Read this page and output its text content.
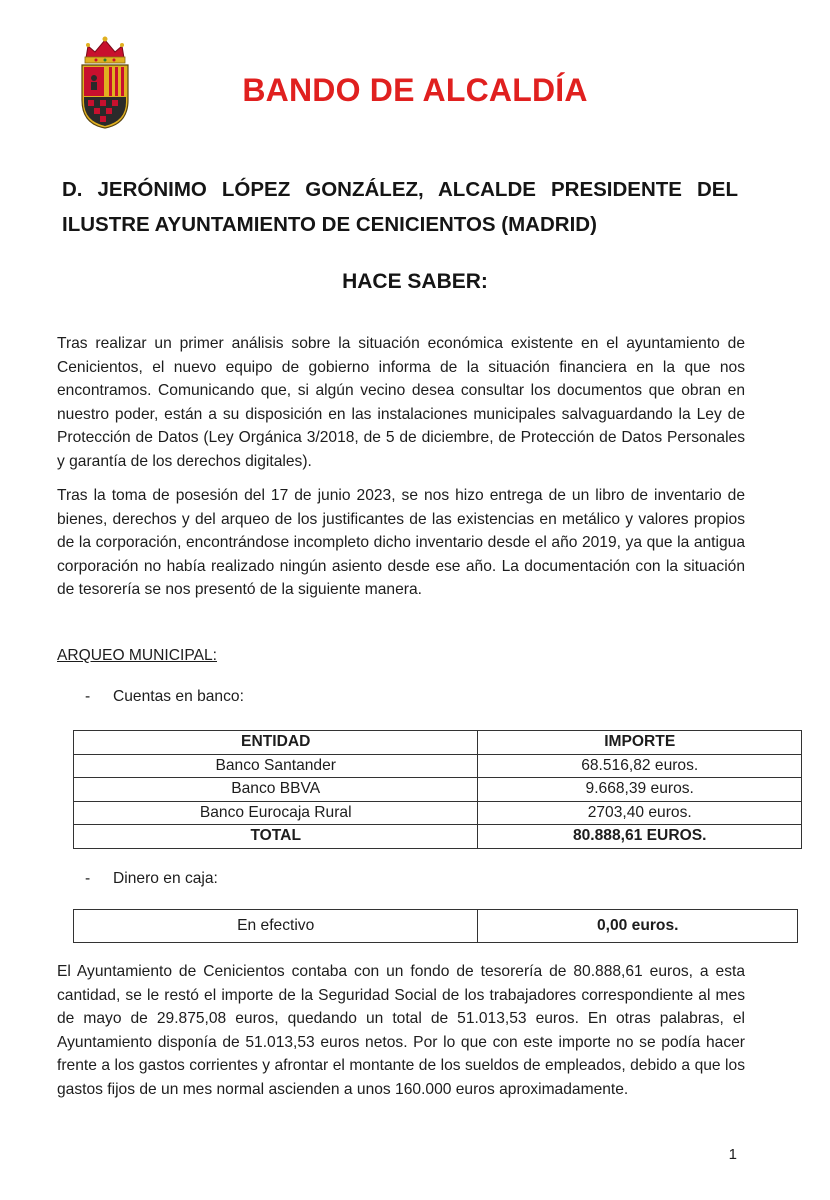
BANDO DE ALCALDÍA
D. JERÓNIMO LÓPEZ GONZÁLEZ, ALCALDE PRESIDENTE DEL
ILUSTRE AYUNTAMIENTO DE CENICIENTOS (MADRID)
HACE SABER:
Tras realizar un primer análisis sobre la situación económica existente en el ayuntamiento de Cenicientos, el nuevo equipo de gobierno informa de la situación financiera en la que nos encontramos. Comunicando que, si algún vecino desea consultar los documentos que obran en nuestro poder, están a su disposición en las instalaciones municipales salvaguardando la Ley de Protección de Datos (Ley Orgánica 3/2018, de 5 de diciembre, de Protección de Datos Personales y garantía de los derechos digitales).
Tras la toma de posesión del 17 de junio 2023, se nos hizo entrega de un libro de inventario de bienes, derechos y del arqueo de los justificantes de las existencias en metálico y valores propios de la corporación, encontrándose incompleto dicho inventario desde el año 2019, ya que la antigua corporación no había realizado ningún asiento desde ese año. La documentación con la situación de tesorería se nos presentó de la siguiente manera.
ARQUEO MUNICIPAL:
- Cuentas en banco:
ENTIDAD	IMPORTE
Banco Santander	68.516,82 euros.
Banco BBVA	9.668,39 euros.
Banco Eurocaja Rural	2703,40 euros.
TOTAL	80.888,61 EUROS.
- Dinero en caja:
En efectivo	0,00 euros.
El Ayuntamiento de Cenicientos contaba con un fondo de tesorería de 80.888,61 euros, a esta cantidad, se le restó el importe de la Seguridad Social de los trabajadores correspondiente al mes de mayo de 29.875,08 euros, quedando un total de 51.013,53 euros. En otras palabras, el Ayuntamiento disponía de 51.013,53 euros netos. Por lo que con este importe no se podía hacer frente a los gastos corrientes y afrontar el montante de los sueldos de empleados, debido a que los gastos fijos de un mes normal ascienden a unos 160.000 euros aproximadamente.
1
